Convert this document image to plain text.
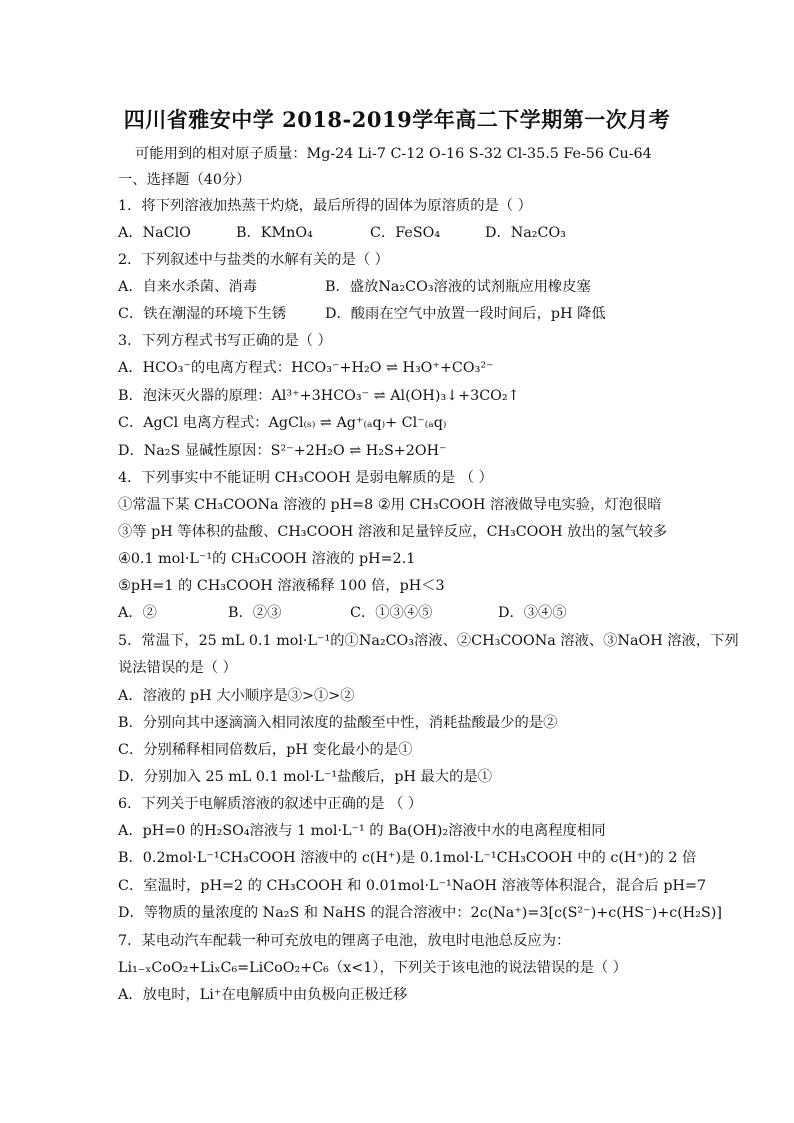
四川省雅安中学 2018-2019学年高二下学期第一次月考
可能用到的相对原子质量：Mg-24 Li-7 C-12 O-16 S-32 Cl-35.5 Fe-56 Cu-64
一、选择题（40分）
1．将下列溶液加热蒸干灼烧，最后所得的固体为原溶质的是（ ）
A．NaClO	B．KMnO₄	C．FeSO₄	D．Na₂CO₃
2．下列叙述中与盐类的水解有关的是（ ）
A．自来水杀菌、消毒	B．盛放Na₂CO₃溶液的试剂瓶应用橡皮塞
C．铁在潮湿的环境下生锈	D．酸雨在空气中放置一段时间后，pH 降低
3．下列方程式书写正确的是（ ）
A．HCO₃⁻的电离方程式：HCO₃⁻+H₂O ⇌ H₃O⁺+CO₃²⁻
B．泡沫灭火器的原理：Al³⁺+3HCO₃⁻ ⇌ Al(OH)₃↓+3CO₂↑
C．AgCl 电离方程式：AgCl₍ₛ₎ ⇌ Ag⁺₍ₐq₎+ Cl⁻₍ₐq₎
D．Na₂S 显碱性原因：S²⁻+2H₂O ⇌ H₂S+2OH⁻
4．下列事实中不能证明 CH₃COOH 是弱电解质的是 （ ）
①常温下某 CH₃COONa 溶液的 pH=8 ②用 CH₃COOH 溶液做导电实验，灯泡很暗
③等 pH 等体积的盐酸、CH₃COOH 溶液和足量锌反应，CH₃COOH 放出的氢气较多
④0.1 mol·L⁻¹的 CH₃COOH 溶液的 pH=2.1
⑤pH=1 的 CH₃COOH 溶液稀释 100 倍，pH＜3
A．②	B．②③	C．①③④⑤	D．③④⑤
5．常温下，25 mL 0.1 mol·L⁻¹的①Na₂CO₃溶液、②CH₃COONa 溶液、③NaOH 溶液，下列
说法错误的是（ ）
A．溶液的 pH 大小顺序是③>①>②
B．分别向其中逐滴滴入相同浓度的盐酸至中性，消耗盐酸最少的是②
C．分别稀释相同倍数后，pH 变化最小的是①
D．分别加入 25 mL 0.1 mol·L⁻¹盐酸后，pH 最大的是①
6．下列关于电解质溶液的叙述中正确的是 （ ）
A．pH=0 的H₂SO₄溶液与 1 mol·L⁻¹ 的 Ba(OH)₂溶液中水的电离程度相同
B．0.2mol·L⁻¹CH₃COOH 溶液中的 c(H⁺)是 0.1mol·L⁻¹CH₃COOH 中的 c(H⁺)的 2 倍
C．室温时，pH=2 的 CH₃COOH 和 0.01mol·L⁻¹NaOH 溶液等体积混合，混合后 pH=7
D．等物质的量浓度的 Na₂S 和 NaHS 的混合溶液中：2c(Na⁺)=3[c(S²⁻)+c(HS⁻)+c(H₂S)]
7．某电动汽车配载一种可充放电的锂离子电池，放电时电池总反应为：
Li₁₋ₓCoO₂+LiₓC₆=LiCoO₂+C₆（x<1），下列关于该电池的说法错误的是（ ）
A．放电时，Li⁺在电解质中由负极向正极迁移
